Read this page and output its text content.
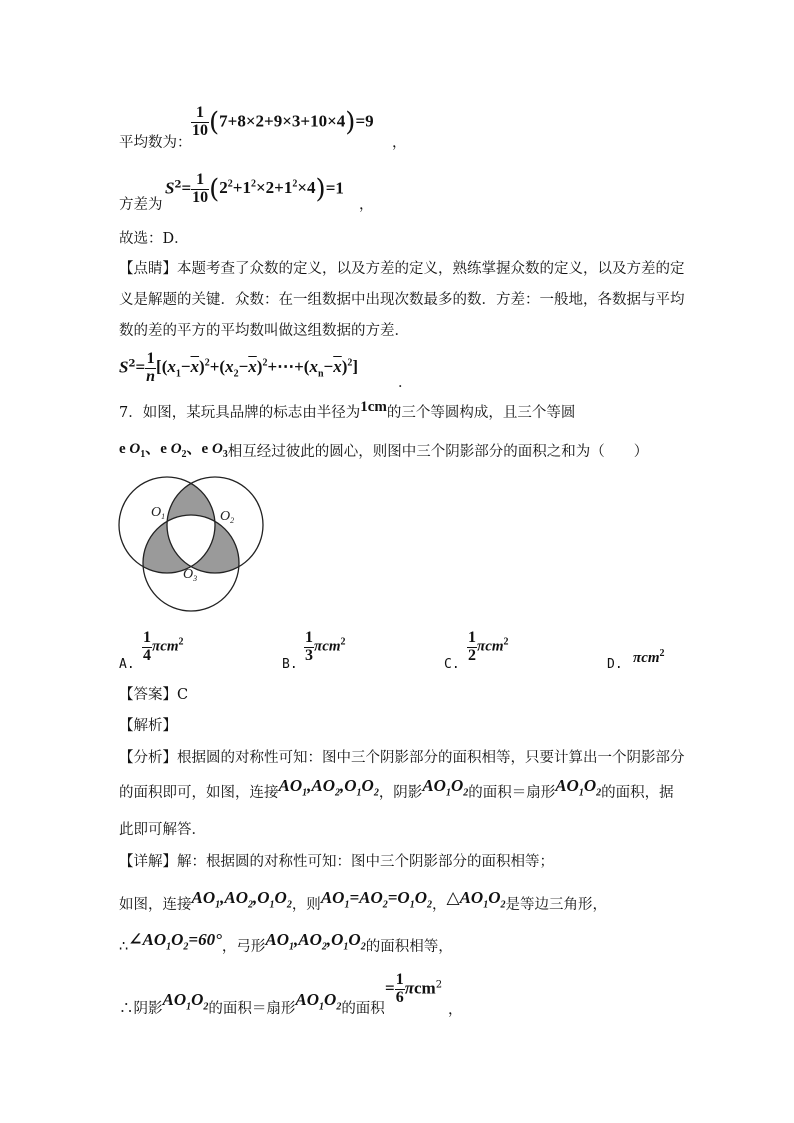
平均数为：
$\frac{1}{10} (7+8\times 2+9\times 3+10\times 4)=9$
，
方差为
$S^2= \frac{1}{10} (2^2+1^2\times 2+1^2\times 4)=1$
，
故选：D．
【点睛】本题考查了众数的定义，以及方差的定义，熟练掌握众数的定义，以及方差的定
义是解题的关键．众数：在一组数据中出现次数最多的数．方差：一般地，各数据与平均
数的差的平方的平均数叫做这组数据的方差．
$S^2= \frac{1}{n}$ $[(x_1-\overline{x})^2+(x_2-\overline{x})^2+\cdots+(x_n-\overline{x})^2]$
．
7．如图，某玩具品牌的标志由半径为1cm的三个等圆构成，且三个等圆
e $O_1$、e $O_2$、e $O_3$相互经过彼此的圆心，则图中三个阴影部分的面积之和为（　　）
$O_1$	$O_2$
$O_3$
A. $\frac{1}{4} \pi cm^2$
B. $\frac{1}{3} \pi cm^2$
C. $\frac{1}{2} \pi cm^2$
D. πcm$^2$
【答案】C
【解析】
【分析】根据圆的对称性可知：图中三个阴影部分的面积相等，只要计算出一个阴影部分
的面积即可，如图，连接$AO_1,AO_2,O_1O_2$，阴影$AO_1O_2$的面积＝扇形$AO_1O_2$的面积，据
此即可解答．
【详解】解：根据圆的对称性可知：图中三个阴影部分的面积相等；
如图，连接$AO_1,AO_2,O_1O_2$，则$AO_1=AO_2=O_1O_2$，$\triangle AO_1O_2$是等边三角形，
$\therefore\angle AO_1O_2=60^\circ$，弓形$AO_1,AO_2,O_1O_2$的面积相等，
∴阴影$AO_1O_2$的面积＝扇形$AO_1O_2$的面积
= $\frac{1}{6} \pi cm^2$
，
